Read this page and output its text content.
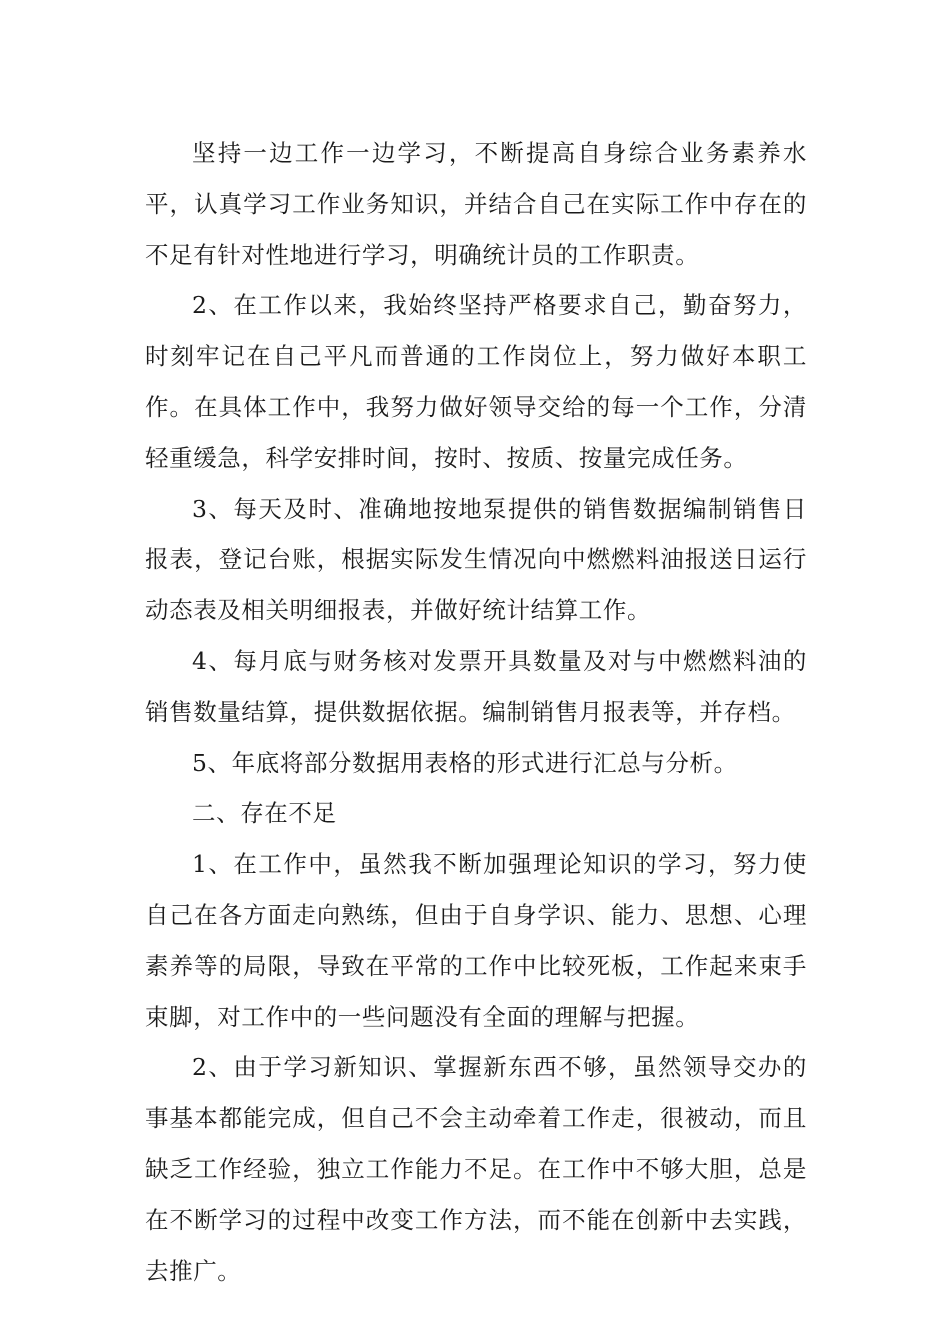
坚持一边工作一边学习，不断提高自身综合业务素养水平，认真学习工作业务知识，并结合自己在实际工作中存在的不足有针对性地进行学习，明确统计员的工作职责。

2、在工作以来，我始终坚持严格要求自己，勤奋努力，时刻牢记在自己平凡而普通的工作岗位上，努力做好本职工作。在具体工作中，我努力做好领导交给的每一个工作，分清轻重缓急，科学安排时间，按时、按质、按量完成任务。

3、每天及时、准确地按地泵提供的销售数据编制销售日报表，登记台账，根据实际发生情况向中燃燃料油报送日运行动态表及相关明细报表，并做好统计结算工作。

4、每月底与财务核对发票开具数量及对与中燃燃料油的销售数量结算，提供数据依据。编制销售月报表等，并存档。

5、年底将部分数据用表格的形式进行汇总与分析。

二、存在不足

1、在工作中，虽然我不断加强理论知识的学习，努力使自己在各方面走向熟练，但由于自身学识、能力、思想、心理素养等的局限，导致在平常的工作中比较死板，工作起来束手束脚，对工作中的一些问题没有全面的理解与把握。

2、由于学习新知识、掌握新东西不够，虽然领导交办的事基本都能完成，但自己不会主动牵着工作走，很被动，而且缺乏工作经验，独立工作能力不足。在工作中不够大胆，总是在不断学习的过程中改变工作方法，而不能在创新中去实践，去推广。
